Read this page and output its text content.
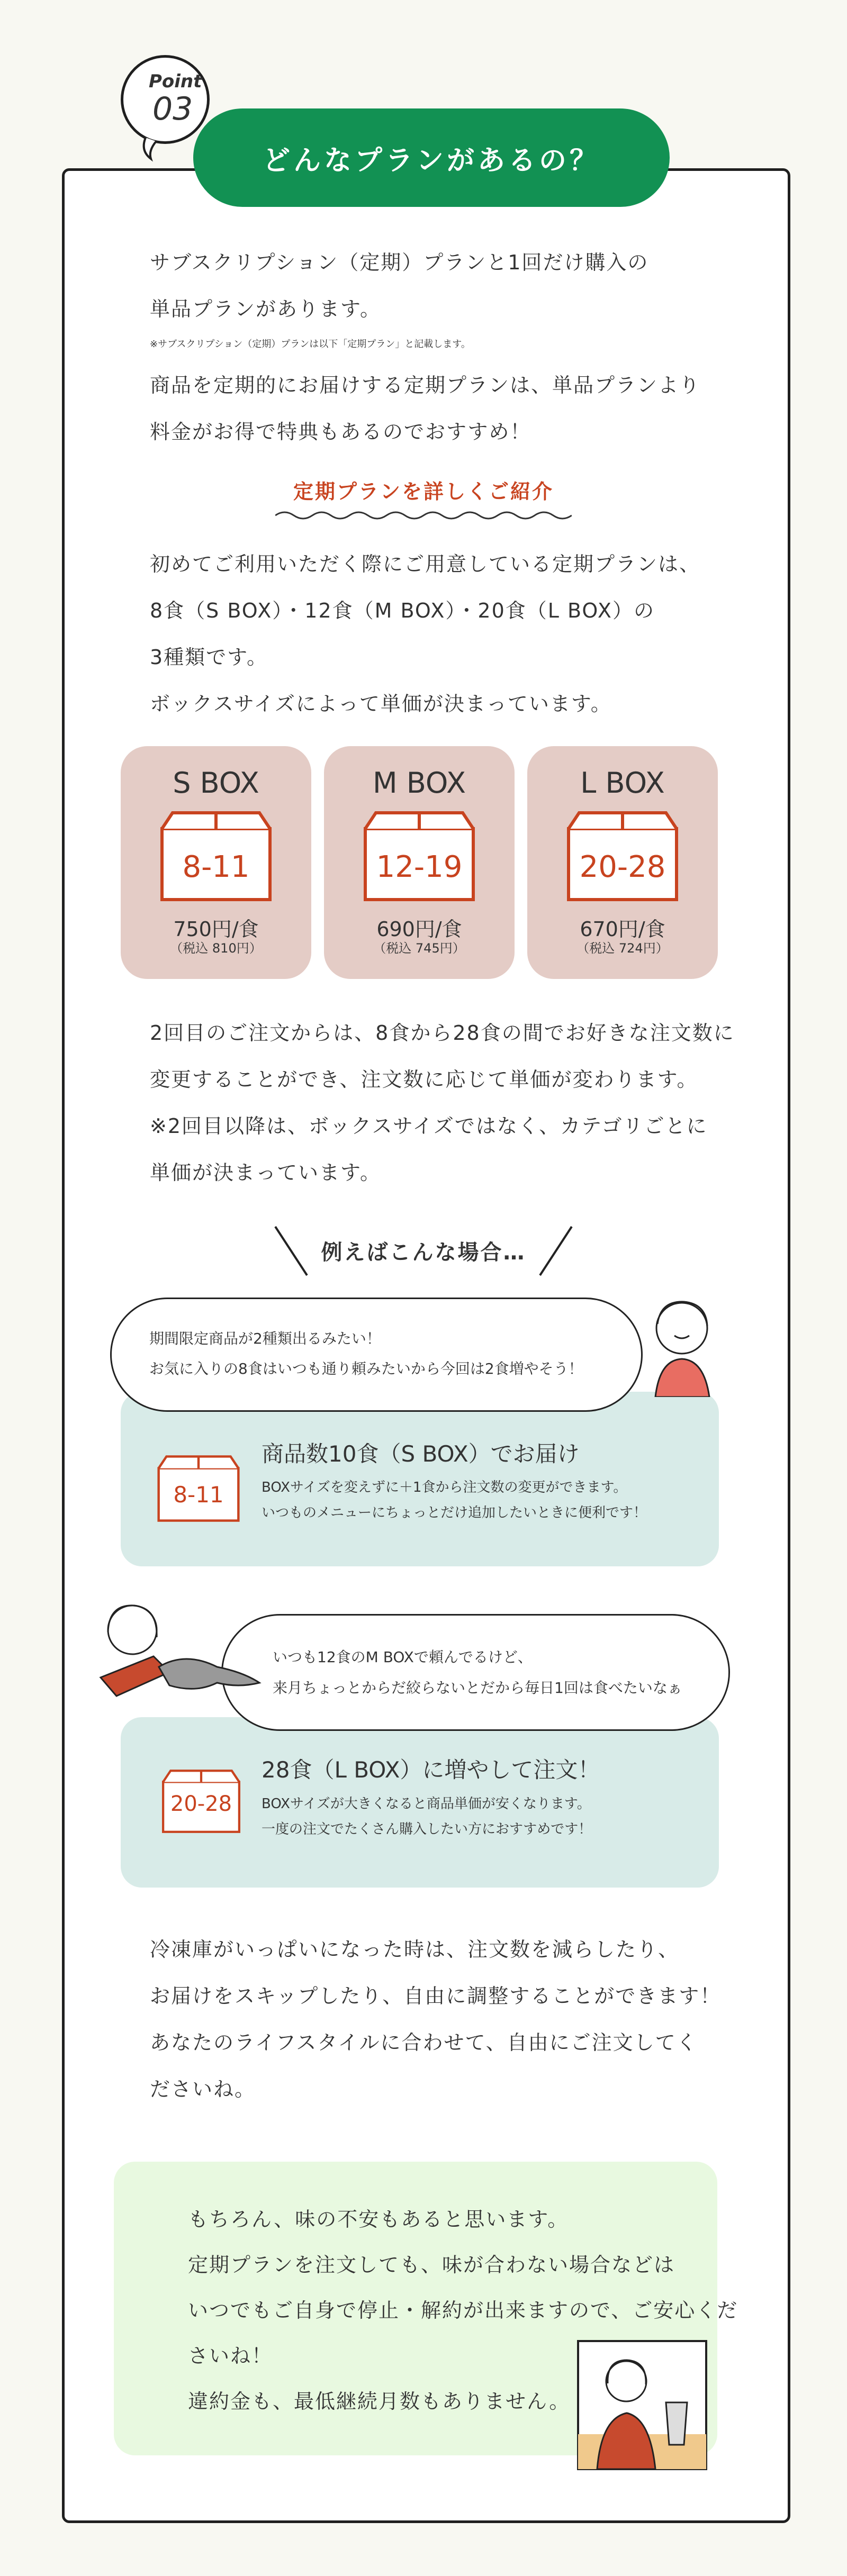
どんなプランがあるの？
Point
03
サブスクリプション（定期）プランと1回だけ購入の
単品プランがあります。
※サブスクリプション（定期）プランは以下「定期プラン」と記載します。
商品を定期的にお届けする定期プランは、単品プランより
料金がお得で特典もあるのでおすすめ！
定期プランを詳しくご紹介
初めてご利用いただく際にご用意している定期プランは、
8食（S BOX）・12食（M BOX）・20食（L BOX）の
3種類です。
ボックスサイズによって単価が決まっています。
S BOX
8-11
750円/食
（税込 810円）
M BOX
12-19
690円/食
（税込 745円）
L BOX
20-28
670円/食
（税込 724円）
2回目のご注文からは、8食から28食の間でお好きな注文数に
変更することができ、注文数に応じて単価が変わります。
※2回目以降は、ボックスサイズではなく、カテゴリごとに
単価が決まっています。
例えばこんな場合…
期間限定商品が2種類出るみたい！
お気に入りの8食はいつも通り頼みたいから今回は2食増やそう！
8-11
商品数10食（S BOX）でお届け
BOXサイズを変えずに＋1食から注文数の変更ができます。
いつものメニューにちょっとだけ追加したいときに便利です！
いつも12食のM BOXで頼んでるけど、
来月ちょっとからだ絞らないとだから毎日1回は食べたいなぁ
20-28
28食（L BOX）に増やして注文！
BOXサイズが大きくなると商品単価が安くなります。
一度の注文でたくさん購入したい方におすすめです！
冷凍庫がいっぱいになった時は、注文数を減らしたり、
お届けをスキップしたり、自由に調整することができます！
あなたのライフスタイルに合わせて、自由にご注文してく
ださいね。
もちろん、味の不安もあると思います。
定期プランを注文しても、味が合わない場合などは
いつでもご自身で停止・解約が出来ますので、ご安心くだ
さいね！
違約金も、最低継続月数もありません。
